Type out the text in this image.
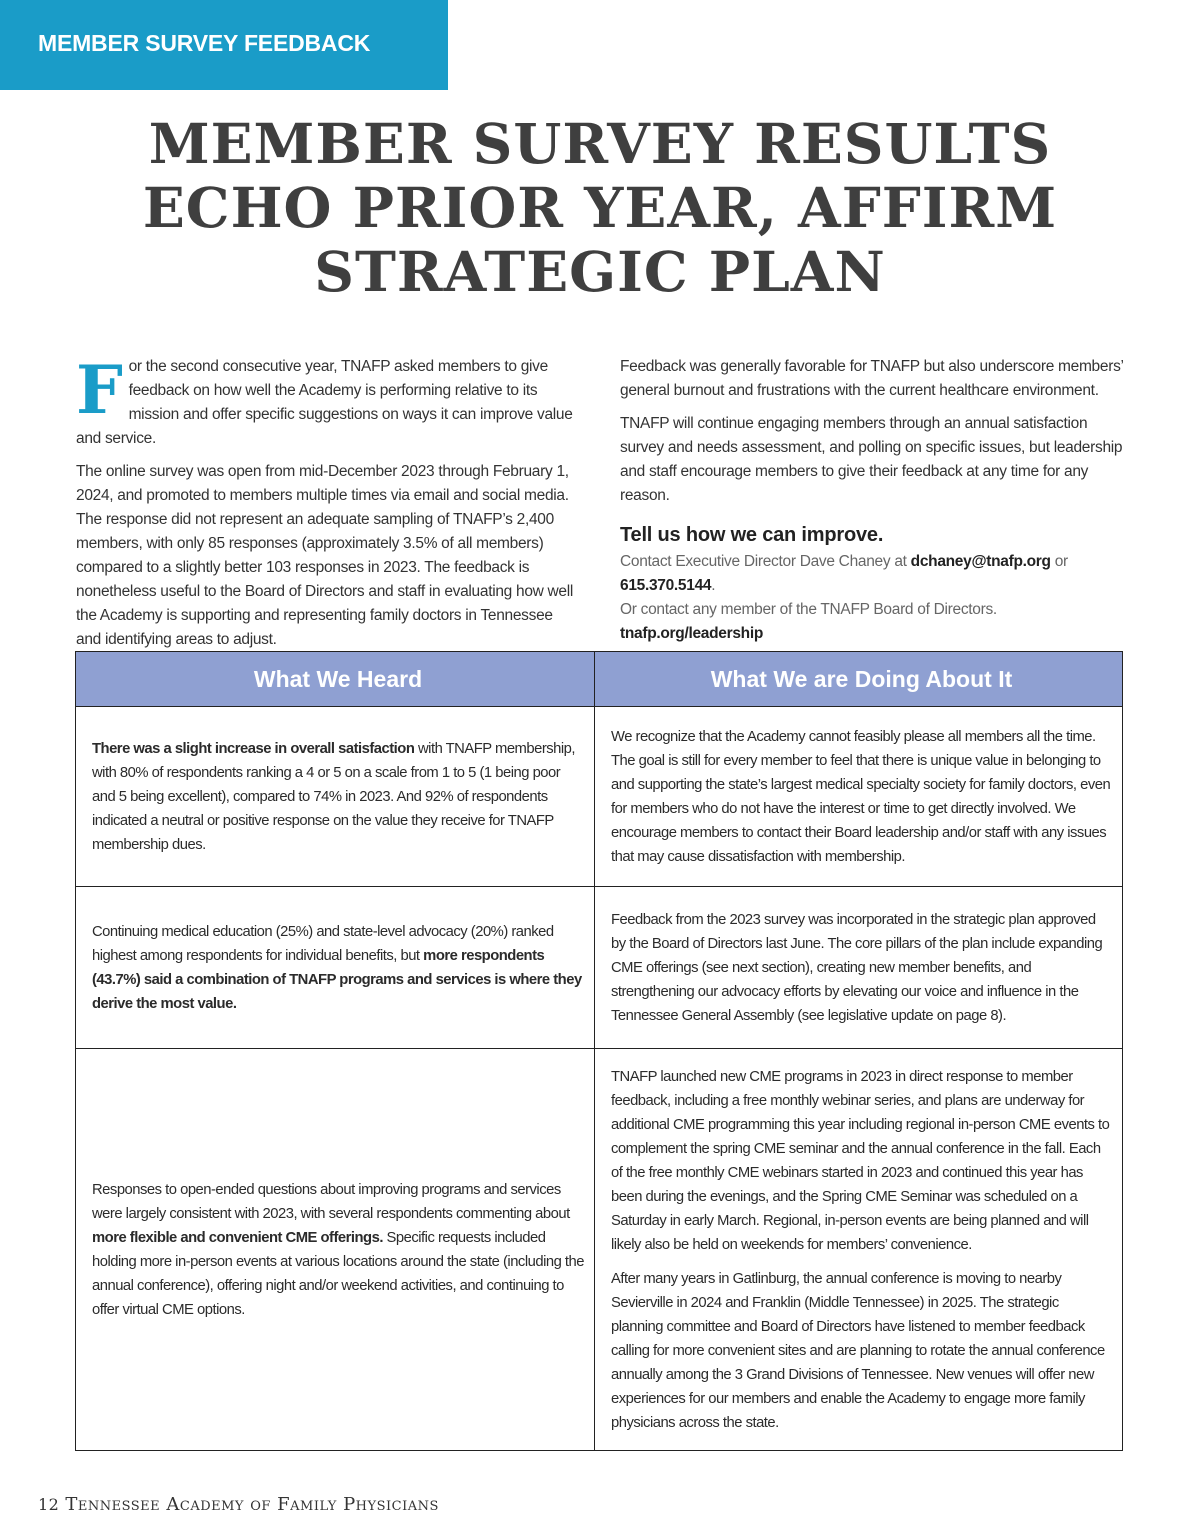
MEMBER SURVEY FEEDBACK
MEMBER SURVEY RESULTS
ECHO PRIOR YEAR, AFFIRM
STRATEGIC PLAN

For the second consecutive year, TNAFP asked members to give feedback on how well the Academy is performing relative to its mission and offer specific suggestions on ways it can improve value and service.

The online survey was open from mid-December 2023 through February 1, 2024, and promoted to members multiple times via email and social media. The response did not represent an adequate sampling of TNAFP’s 2,400 members, with only 85 responses (approximately 3.5% of all members) compared to a slightly better 103 responses in 2023. The feedback is nonetheless useful to the Board of Directors and staff in evaluating how well the Academy is supporting and representing family doctors in Tennessee and identifying areas to adjust.

Feedback was generally favorable for TNAFP but also underscore members’ general burnout and frustrations with the current healthcare environment.

TNAFP will continue engaging members through an annual satisfaction survey and needs assessment, and polling on specific issues, but leadership and staff encourage members to give their feedback at any time for any reason.

Tell us how we can improve.
Contact Executive Director Dave Chaney at dchaney@tnafp.org or 615.370.5144.
Or contact any member of the TNAFP Board of Directors. tnafp.org/leadership
What We Heard	What We are Doing About It

There was a slight increase in overall satisfaction with TNAFP membership, with 80% of respondents ranking a 4 or 5 on a scale from 1 to 5 (1 being poor and 5 being excellent), compared to 74% in 2023. And 92% of respondents indicated a neutral or positive response on the value they receive for TNAFP membership dues.

We recognize that the Academy cannot feasibly please all members all the time. The goal is still for every member to feel that there is unique value in belonging to and supporting the state’s largest medical specialty society for family doctors, even for members who do not have the interest or time to get directly involved. We encourage members to contact their Board leadership and/or staff with any issues that may cause dissatisfaction with membership.

Continuing medical education (25%) and state-level advocacy (20%) ranked highest among respondents for individual benefits, but more respondents (43.7%) said a combination of TNAFP programs and services is where they derive the most value.

Feedback from the 2023 survey was incorporated in the strategic plan approved by the Board of Directors last June. The core pillars of the plan include expanding CME offerings (see next section), creating new member benefits, and strengthening our advocacy efforts by elevating our voice and influence in the Tennessee General Assembly (see legislative update on page 8).

Responses to open-ended questions about improving programs and services were largely consistent with 2023, with several respondents commenting about more flexible and convenient CME offerings. Specific requests included holding more in-person events at various locations around the state (including the annual conference), offering night and/or weekend activities, and continuing to offer virtual CME options.

TNAFP launched new CME programs in 2023 in direct response to member feedback, including a free monthly webinar series, and plans are underway for additional CME programming this year including regional in-person CME events to complement the spring CME seminar and the annual conference in the fall. Each of the free monthly CME webinars started in 2023 and continued this year has been during the evenings, and the Spring CME Seminar was scheduled on a Saturday in early March. Regional, in-person events are being planned and will likely also be held on weekends for members’ convenience.

After many years in Gatlinburg, the annual conference is moving to nearby Sevierville in 2024 and Franklin (Middle Tennessee) in 2025. The strategic planning committee and Board of Directors have listened to member feedback calling for more convenient sites and are planning to rotate the annual conference annually among the 3 Grand Divisions of Tennessee. New venues will offer new experiences for our members and enable the Academy to engage more family physicians across the state.

12 Tennessee Academy of Family Physicians
